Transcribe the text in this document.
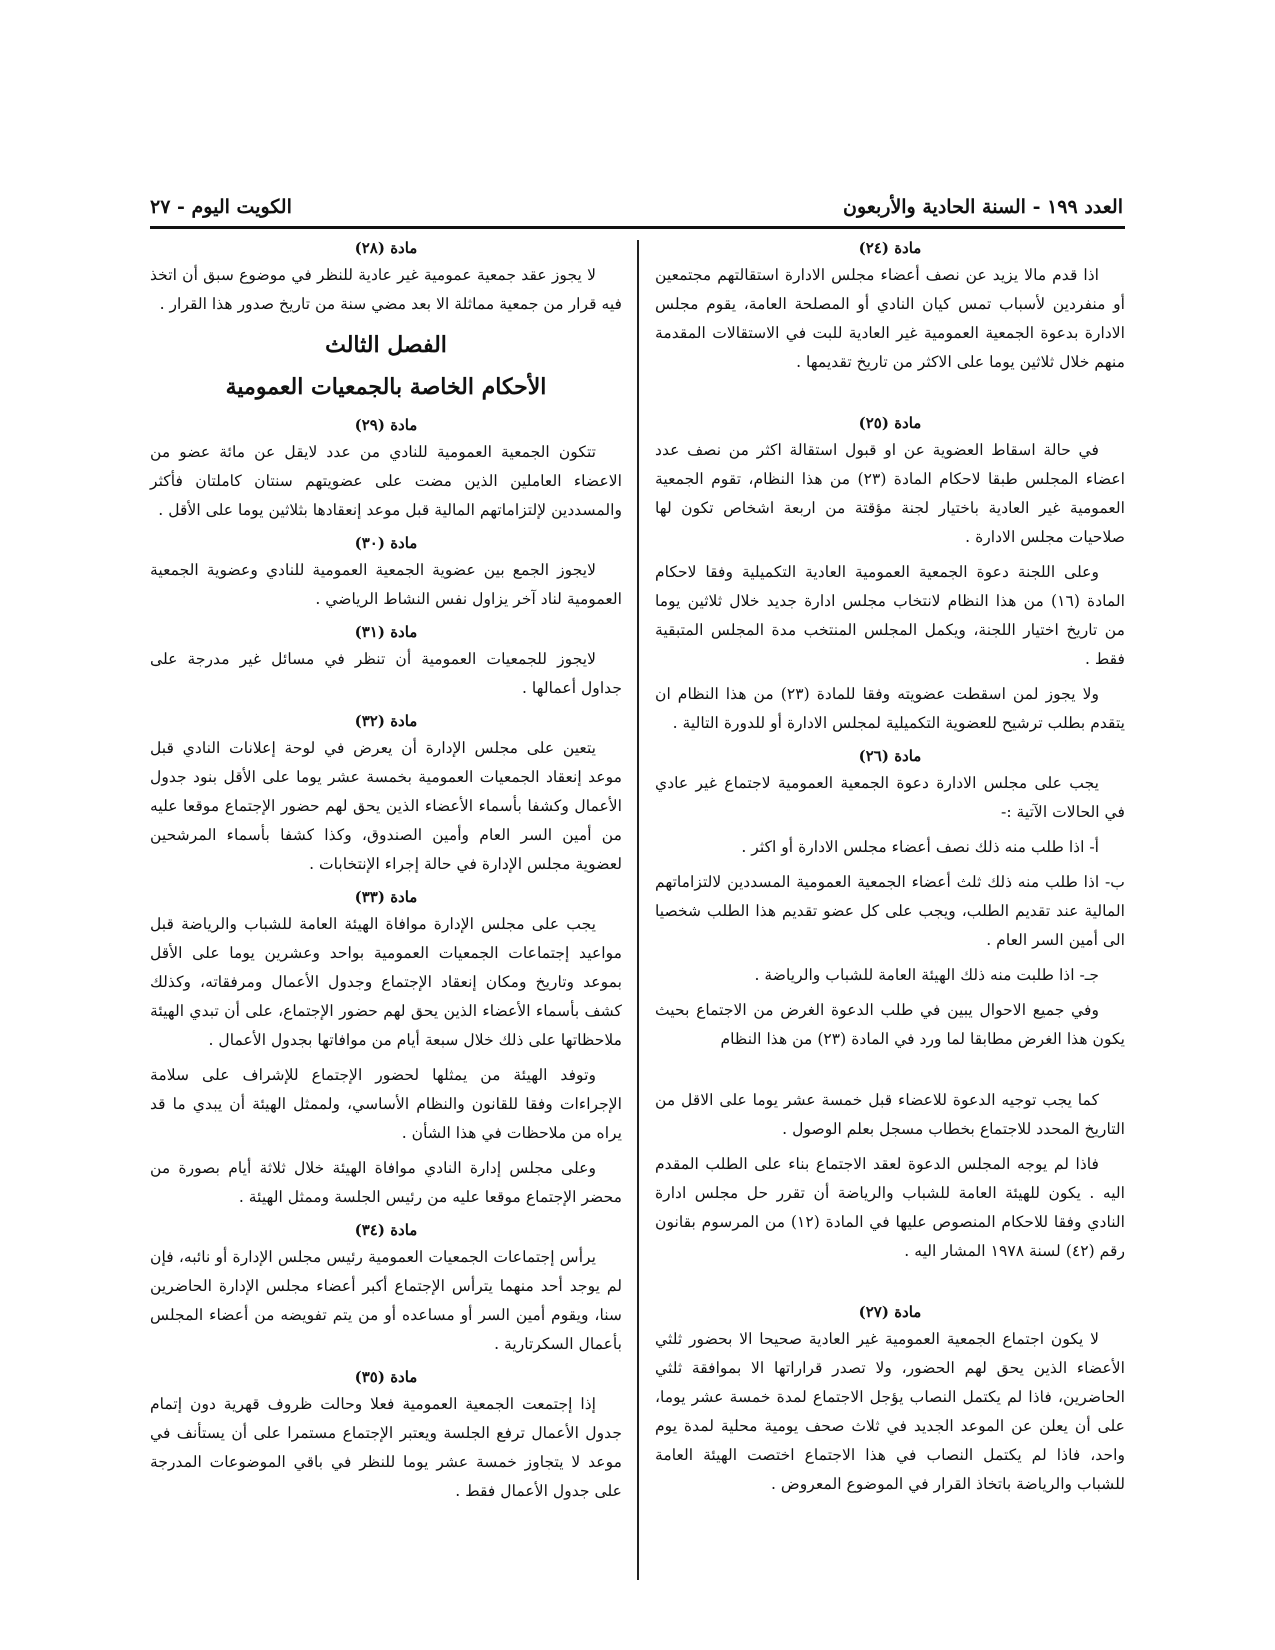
الكويت اليوم - ٢٧	العدد ١٩٩ - السنة الحادية والأربعون
مادة (٢٤)
اذا قدم مالا يزيد عن نصف أعضاء مجلس الادارة استقالتهم مجتمعين أو منفردين لأسباب تمس كيان النادي أو المصلحة العامة، يقوم مجلس الادارة بدعوة الجمعية العمومية غير العادية للبت في الاستقالات المقدمة منهم خلال ثلاثين يوما على الاكثر من تاريخ تقديمها .
مادة (٢٥)
في حالة اسقاط العضوية عن او قبول استقالة اكثر من نصف عدد اعضاء المجلس طبقا لاحكام المادة (٢٣) من هذا النظام، تقوم الجمعية العمومية غير العادية باختيار لجنة مؤقتة من اربعة اشخاص تكون لها صلاحيات مجلس الادارة .
وعلى اللجنة دعوة الجمعية العمومية العادية التكميلية وفقا لاحكام المادة (١٦) من هذا النظام لانتخاب مجلس ادارة جديد خلال ثلاثين يوما من تاريخ اختيار اللجنة، ويكمل المجلس المنتخب مدة المجلس المتبقية فقط .
ولا يجوز لمن اسقطت عضويته وفقا للمادة (٢٣) من هذا النظام ان يتقدم بطلب ترشيح للعضوية التكميلية لمجلس الادارة أو للدورة التالية .
مادة (٢٦)
يجب على مجلس الادارة دعوة الجمعية العمومية لاجتماع غير عادي في الحالات الآتية :-
أ- اذا طلب منه ذلك نصف أعضاء مجلس الادارة أو اكثر .
ب- اذا طلب منه ذلك ثلث أعضاء الجمعية العمومية المسددين لالتزاماتهم المالية عند تقديم الطلب، ويجب على كل عضو تقديم هذا الطلب شخصيا الى أمين السر العام .
جـ- اذا طلبت منه ذلك الهيئة العامة للشباب والرياضة .
وفي جميع الاحوال يبين في طلب الدعوة الغرض من الاجتماع بحيث يكون هذا الغرض مطابقا لما ورد في المادة (٢٣) من هذا النظام
كما يجب توجيه الدعوة للاعضاء قبل خمسة عشر يوما على الاقل من التاريخ المحدد للاجتماع بخطاب مسجل بعلم الوصول .
فاذا لم يوجه المجلس الدعوة لعقد الاجتماع بناء على الطلب المقدم اليه . يكون للهيئة العامة للشباب والرياضة أن تقرر حل مجلس ادارة النادي وفقا للاحكام المنصوص عليها في المادة (١٢) من المرسوم بقانون رقم (٤٢) لسنة ١٩٧٨ المشار اليه .
مادة (٢٧)
لا يكون اجتماع الجمعية العمومية غير العادية صحيحا الا بحضور ثلثي الأعضاء الذين يحق لهم الحضور، ولا تصدر قراراتها الا بموافقة ثلثي الحاضرين، فاذا لم يكتمل النصاب يؤجل الاجتماع لمدة خمسة عشر يوما، على أن يعلن عن الموعد الجديد في ثلاث صحف يومية محلية لمدة يوم واحد، فاذا لم يكتمل النصاب في هذا الاجتماع اختصت الهيئة العامة للشباب والرياضة باتخاذ القرار في الموضوع المعروض .
مادة (٢٨)
لا يجوز عقد جمعية عمومية غير عادية للنظر في موضوع سبق أن اتخذ فيه قرار من جمعية مماثلة الا بعد مضي سنة من تاريخ صدور هذا القرار .
الفصل الثالث
الأحكام الخاصة بالجمعيات العمومية
مادة (٢٩)
تتكون الجمعية العمومية للنادي من عدد لايقل عن مائة عضو من الاعضاء العاملين الذين مضت على عضويتهم سنتان كاملتان فأكثر والمسددين لإلتزاماتهم المالية قبل موعد إنعقادها بثلاثين يوما على الأقل .
مادة (٣٠)
لايجوز الجمع بين عضوية الجمعية العمومية للنادي وعضوية الجمعية العمومية لناد آخر يزاول نفس النشاط الرياضي .
مادة (٣١)
لايجوز للجمعيات العمومية أن تنظر في مسائل غير مدرجة على جداول أعمالها .
مادة (٣٢)
يتعين على مجلس الإدارة أن يعرض في لوحة إعلانات النادي قبل موعد إنعقاد الجمعيات العمومية بخمسة عشر يوما على الأقل بنود جدول الأعمال وكشفا بأسماء الأعضاء الذين يحق لهم حضور الإجتماع موقعا عليه من أمين السر العام وأمين الصندوق، وكذا كشفا بأسماء المرشحين لعضوية مجلس الإدارة في حالة إجراء الإنتخابات .
مادة (٣٣)
يجب على مجلس الإدارة موافاة الهيئة العامة للشباب والرياضة قبل مواعيد إجتماعات الجمعيات العمومية بواحد وعشرين يوما على الأقل بموعد وتاريخ ومكان إنعقاد الإجتماع وجدول الأعمال ومرفقاته، وكذلك كشف بأسماء الأعضاء الذين يحق لهم حضور الإجتماع، على أن تبدي الهيئة ملاحظاتها على ذلك خلال سبعة أيام من موافاتها بجدول الأعمال .
وتوفد الهيئة من يمثلها لحضور الإجتماع للإشراف على سلامة الإجراءات وفقا للقانون والنظام الأساسي، ولممثل الهيئة أن يبدي ما قد يراه من ملاحظات في هذا الشأن .
وعلى مجلس إدارة النادي موافاة الهيئة خلال ثلاثة أيام بصورة من محضر الإجتماع موقعا عليه من رئيس الجلسة وممثل الهيئة .
مادة (٣٤)
يرأس إجتماعات الجمعيات العمومية رئيس مجلس الإدارة أو نائبه، فإن لم يوجد أحد منهما يترأس الإجتماع أكبر أعضاء مجلس الإدارة الحاضرين سنا، ويقوم أمين السر أو مساعده أو من يتم تفويضه من أعضاء المجلس بأعمال السكرتارية .
مادة (٣٥)
إذا إجتمعت الجمعية العمومية فعلا وحالت ظروف قهرية دون إتمام جدول الأعمال ترفع الجلسة ويعتبر الإجتماع مستمرا على أن يستأنف في موعد لا يتجاوز خمسة عشر يوما للنظر في باقي الموضوعات المدرجة على جدول الأعمال فقط .
